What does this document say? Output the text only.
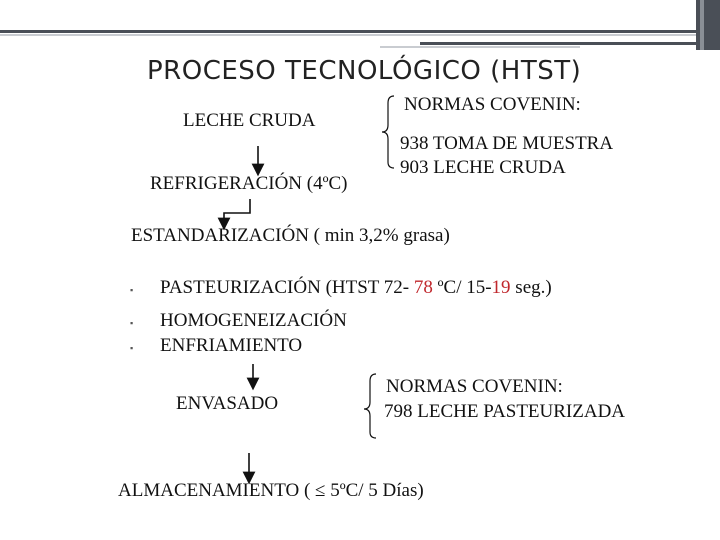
PROCESO TECNOLÓGICO (HTST)
LECHE CRUDA
REFRIGERACIÓN (4ºC)
ESTANDARIZACIÓN ( min 3,2% grasa)
▪
▪
▪
PASTEURIZACIÓN (HTST 72- 78 ºC/ 15-19 seg.)
HOMOGENEIZACIÓN
ENFRIAMIENTO
ENVASADO
ALMACENAMIENTO ( ≤ 5ºC/ 5 Días)
NORMAS COVENIN:
938 TOMA DE MUESTRA
903 LECHE CRUDA
NORMAS COVENIN:
798 LECHE PASTEURIZADA
